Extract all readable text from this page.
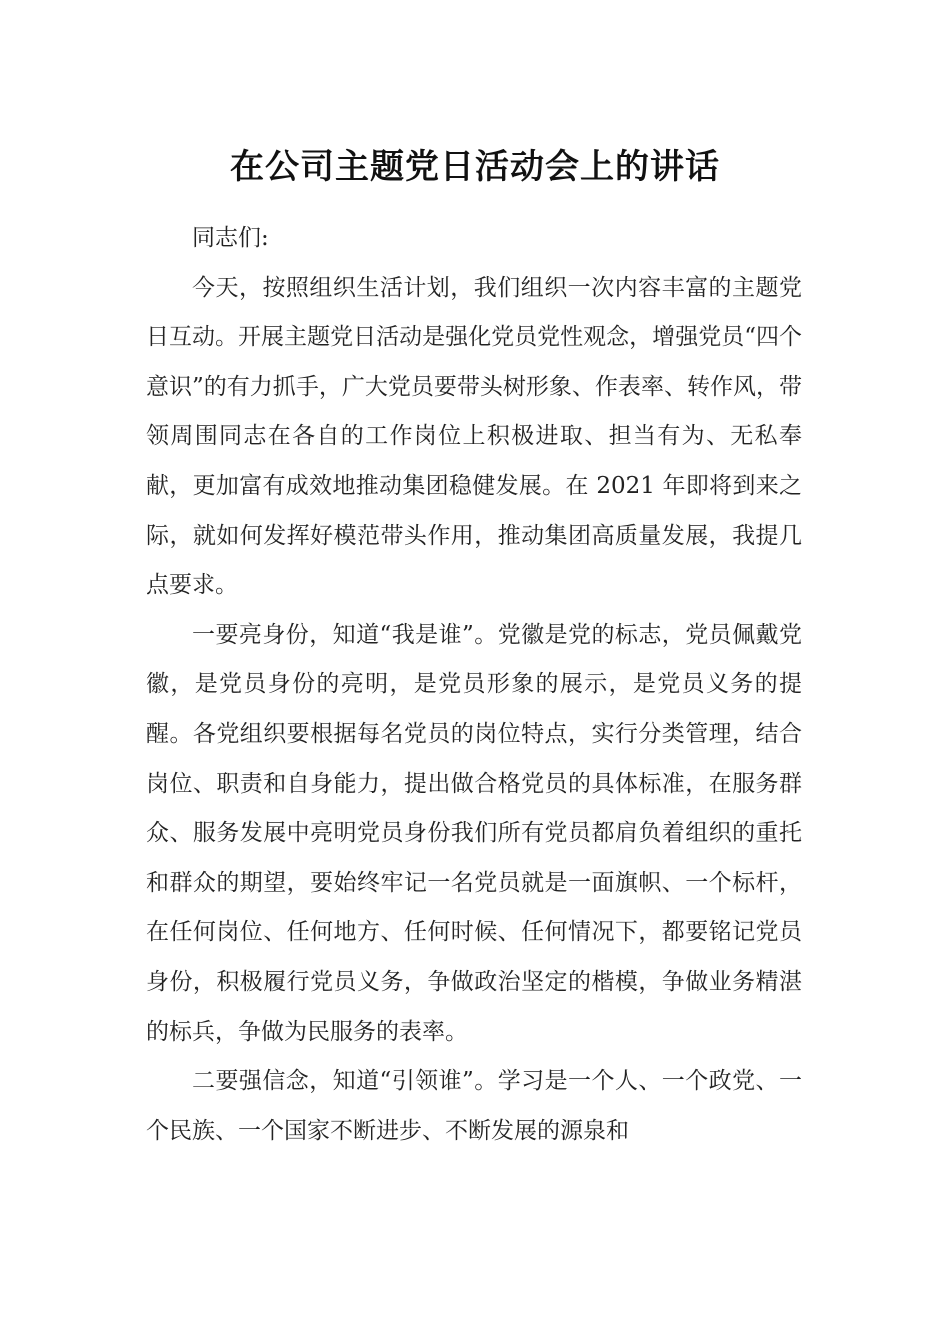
在公司主题党日活动会上的讲话

同志们:

今天，按照组织生活计划，我们组织一次内容丰富的主题党日互动。开展主题党日活动是强化党员党性观念，增强党员“四个意识”的有力抓手，广大党员要带头树形象、作表率、转作风，带领周围同志在各自的工作岗位上积极进取、担当有为、无私奉献，更加富有成效地推动集团稳健发展。在 2021 年即将到来之际，就如何发挥好模范带头作用，推动集团高质量发展，我提几点要求。

一要亮身份，知道“我是谁”。党徽是党的标志，党员佩戴党徽，是党员身份的亮明，是党员形象的展示，是党员义务的提醒。各党组织要根据每名党员的岗位特点，实行分类管理，结合岗位、职责和自身能力，提出做合格党员的具体标准，在服务群众、服务发展中亮明党员身份我们所有党员都肩负着组织的重托和群众的期望，要始终牢记一名党员就是一面旗帜、一个标杆，在任何岗位、任何地方、任何时候、任何情况下，都要铭记党员身份，积极履行党员义务，争做政治坚定的楷模，争做业务精湛的标兵，争做为民服务的表率。

二要强信念，知道“引领谁”。学习是一个人、一个政党、一个民族、一个国家不断进步、不断发展的源泉和
